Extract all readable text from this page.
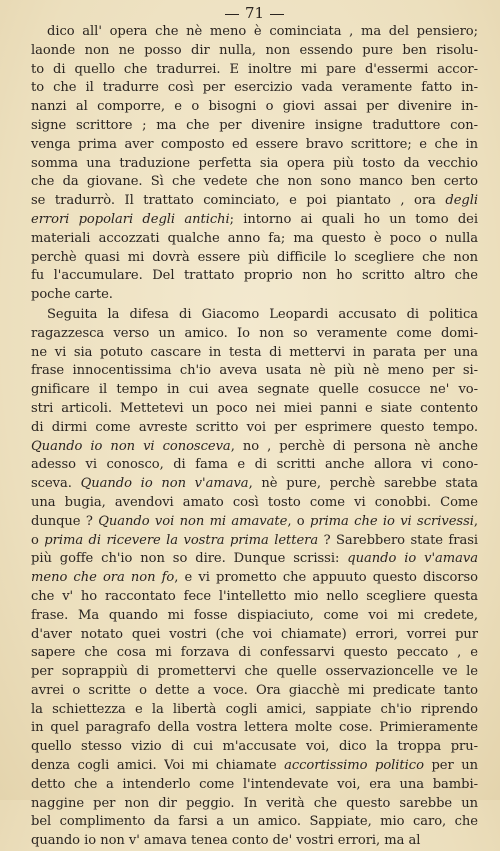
71
dico all' opera che nè meno è cominciata , ma del pensiero;
laonde non ne posso dir nulla, non essendo pure ben risolu-
to di quello che tradurrei. E inoltre mi pare d'essermi accor-
to che il tradurre così per esercizio vada veramente fatto in-
nanzi al comporre, e o bisogni o giovi assai per divenire in-
signe scrittore ; ma che per divenire insigne traduttore con-
venga prima aver composto ed essere bravo scrittore; e che in
somma una traduzione perfetta sia opera più tosto da vecchio
che da giovane. Sì che vedete che non sono manco ben certo
se tradurrò. Il trattato cominciato, e poi piantato , ora degli
errori popolari degli antichi; intorno ai quali ho un tomo dei
materiali accozzati qualche anno fa; ma questo è poco o nulla
perchè quasi mi dovrà essere più difficile lo scegliere che non
fu l'accumulare. Del trattato proprio non ho scritto altro che
poche carte.
Seguita la difesa di Giacomo Leopardi accusato di politica
ragazzesca verso un amico. Io non so veramente come domi-
ne vi sia potuto cascare in testa di mettervi in parata per una
frase innocentissima ch'io aveva usata nè più nè meno per si-
gnificare il tempo in cui avea segnate quelle cosucce ne' vo-
stri articoli. Mettetevi un poco nei miei panni e siate contento
di dirmi come avreste scritto voi per esprimere questo tempo.
Quando io non vi conosceva, no , perchè di persona nè anche
adesso vi conosco, di fama e di scritti anche allora vi cono-
sceva. Quando io non v'amava, nè pure, perchè sarebbe stata
una bugia, avendovi amato così tosto come vi conobbi. Come
dunque ? Quando voi non mi amavate, o prima che io vi scrivessi,
o prima di ricevere la vostra prima lettera ? Sarebbero state frasi
più goffe ch'io non so dire. Dunque scrissi: quando io v'amava
meno che ora non fo, e vi prometto che appuuto questo discorso
che v' ho raccontato fece l'intelletto mio nello scegliere questa
frase. Ma quando mi fosse dispiaciuto, come voi mi credete,
d'aver notato quei vostri (che voi chiamate) errori, vorrei pur
sapere che cosa mi forzava di confessarvi questo peccato , e
per soprappiù di promettervi che quelle osservazioncelle ve le
avrei o scritte o dette a voce. Ora giacchè mi predicate tanto
la schiettezza e la libertà cogli amici, sappiate ch'io riprendo
in quel paragrafo della vostra lettera molte cose. Primieramente
quello stesso vizio di cui m'accusate voi, dico la troppa pru-
denza cogli amici. Voi mi chiamate accortissimo politico per un
detto che a intenderlo come l'intendevate voi, era una bambi-
naggine per non dir peggio. In verità che questo sarebbe un
bel complimento da farsi a un amico. Sappiate, mio caro, che
quando io non v' amava tenea conto de' vostri errori, ma al
